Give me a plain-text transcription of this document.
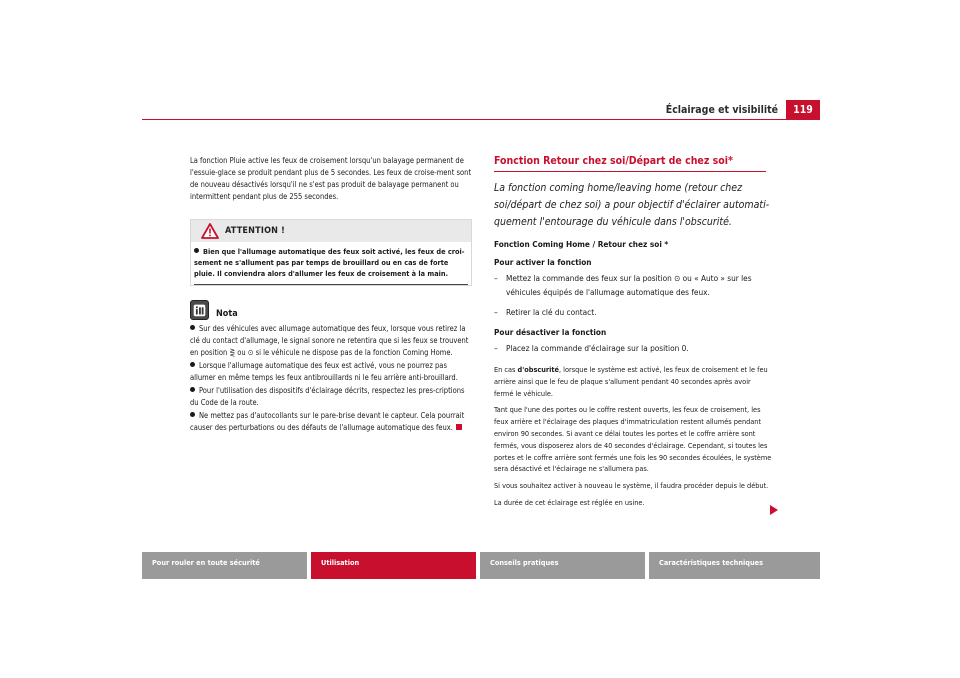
Éclairage et visibilité	119

La fonction Pluie active les feux de croisement lorsqu'un balayage permanent de l'essuie-glace se produit pendant plus de 5 secondes. Les feux de croise-ment sont de nouveau désactivés lorsqu'il ne s'est pas produit de balayage permanent ou intermittent pendant plus de 255 secondes.

ATTENTION !
Bien que l'allumage automatique des feux soit activé, les feux de croi-sement ne s'allument pas par temps de brouillard ou en cas de forte pluie. Il conviendra alors d'allumer les feux de croisement à la main.
Nota
Sur des véhicules avec allumage automatique des feux, lorsque vous retirez la clé du contact d'allumage, le signal sonore ne retentira que si les feux se trouvent en position ⋛ ou ⊙ si le véhicule ne dispose pas de la fonction Coming Home.
Lorsque l'allumage automatique des feux est activé, vous ne pourrez pas allumer en même temps les feux antibrouillards ni le feu arrière anti-brouillard.
Pour l'utilisation des dispositifs d'éclairage décrits, respectez les pres-criptions du Code de la route.
Ne mettez pas d'autocollants sur le pare-brise devant le capteur. Cela pourrait causer des perturbations ou des défauts de l'allumage automatique des feux.
Fonction Retour chez soi/Départ de chez soi*
La fonction coming home/leaving home (retour chez soi/départ de chez soi) a pour objectif d'éclairer automati-quement l'entourage du véhicule dans l'obscurité.
Fonction Coming Home / Retour chez soi *
Pour activer la fonction
– Mettez la commande des feux sur la position ⊙ ou « Auto » sur les véhicules équipés de l'allumage automatique des feux.
– Retirer la clé du contact.
Pour désactiver la fonction
– Placez la commande d'éclairage sur la position 0.

En cas d'obscurité, lorsque le système est activé, les feux de croisement et le feu arrière ainsi que le feu de plaque s'allument pendant 40 secondes après avoir fermé le véhicule.

Tant que l'une des portes ou le coffre restent ouverts, les feux de croisement, les feux arrière et l'éclairage des plaques d'immatriculation restent allumés pendant environ 90 secondes. Si avant ce délai toutes les portes et le coffre arrière sont fermés, vous disposerez alors de 40 secondes d'éclairage. Cependant, si toutes les portes et le coffre arrière sont fermés une fois les 90 secondes écoulées, le système sera désactivé et l'éclairage ne s'allumera pas.

Si vous souhaitez activer à nouveau le système, il faudra procéder depuis le début.

La durée de cet éclairage est réglée en usine.

Pour rouler en toute sécurité	Utilisation	Conseils pratiques	Caractéristiques techniques
